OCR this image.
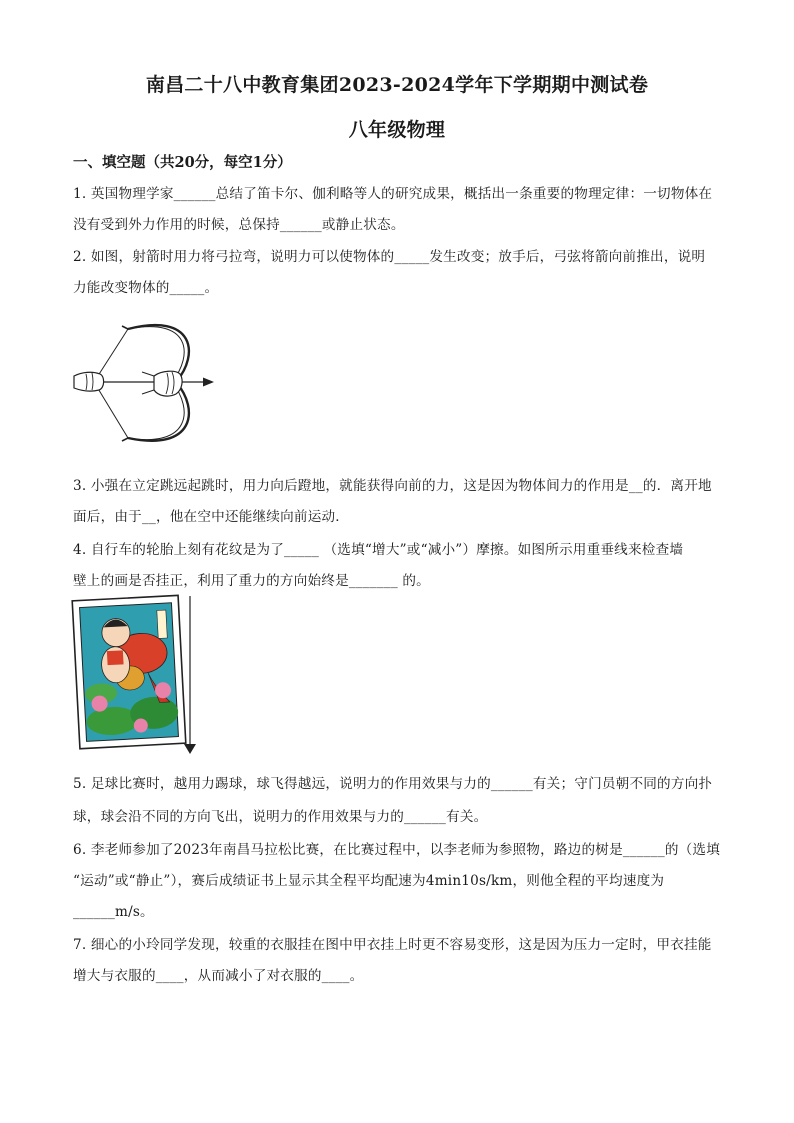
南昌二十八中教育集团2023-2024学年下学期期中测试卷
八年级物理
一、填空题（共20分，每空1分）
1. 英国物理学家______总结了笛卡尔、伽利略等人的研究成果，概括出一条重要的物理定律：一切物体在
没有受到外力作用的时候，总保持______或静止状态。
2. 如图，射箭时用力将弓拉弯，说明力可以使物体的_____发生改变；放手后，弓弦将箭向前推出，说明
力能改变物体的_____。
3. 小强在立定跳远起跳时，用力向后蹬地，就能获得向前的力，这是因为物体间力的作用是__的．离开地
面后，由于__，他在空中还能继续向前运动．
4. 自行车的轮胎上刻有花纹是为了_____ （选填“增大”或“减小”）摩擦。如图所示用重垂线来检查墙
壁上的画是否挂正，利用了重力的方向始终是_______ 的。
5. 足球比赛时，越用力踢球，球飞得越远，说明力的作用效果与力的______有关；守门员朝不同的方向扑
球，球会沿不同的方向飞出，说明力的作用效果与力的______有关。
6. 李老师参加了2023年南昌马拉松比赛，在比赛过程中，以李老师为参照物，路边的树是______的（选填
“运动”或“静止”），赛后成绩证书上显示其全程平均配速为4min10s/km，则他全程的平均速度为
______m/s。
7. 细心的小玲同学发现，较重的衣服挂在图中甲衣挂上时更不容易变形，这是因为压力一定时，甲衣挂能
增大与衣服的____，从而减小了对衣服的____。
